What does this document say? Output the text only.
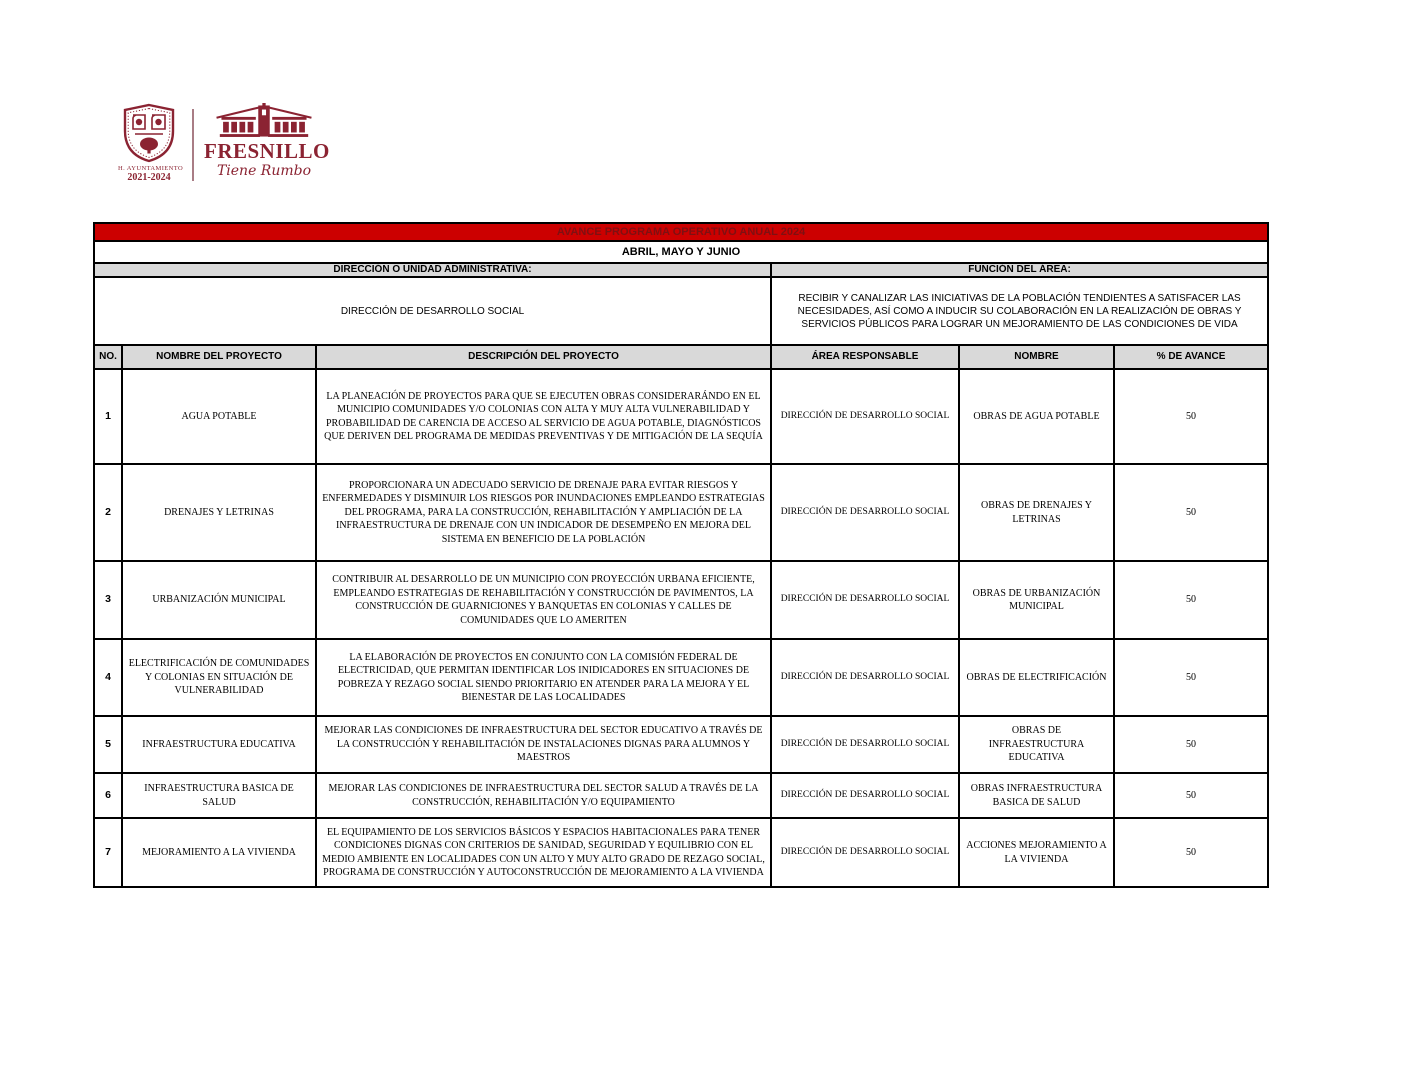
H. AYUNTAMIENTO
2021-2024
FRESNILLO
Tiene Rumbo
AVANCE PROGRAMA OPERATIVO ANUAL 2024					
ABRIL, MAYO Y JUNIO					
DIRECCIÓN O UNIDAD ADMINISTRATIVA:			FUNCIÓN DEL ÁREA:		
DIRECCIÓN DE DESARROLLO SOCIAL			RECIBIR Y CANALIZAR LAS INICIATIVAS DE LA POBLACIÓN TENDIENTES A SATISFACER LAS NECESIDADES, ASÍ COMO A INDUCIR SU COLABORACIÓN EN LA REALIZACIÓN DE OBRAS Y SERVICIOS PÚBLICOS PARA LOGRAR UN MEJORAMIENTO DE LAS CONDICIONES DE VIDA		
NO.	NOMBRE DEL PROYECTO	DESCRIPCIÓN DEL PROYECTO	ÁREA RESPONSABLE	NOMBRE	% DE AVANCE
1	AGUA POTABLE	LA PLANEACIÓN DE PROYECTOS PARA QUE SE EJECUTEN OBRAS CONSIDERARÁNDO EN EL MUNICIPIO COMUNIDADES Y/O COLONIAS CON ALTA Y MUY ALTA VULNERABILIDAD Y PROBABILIDAD DE CARENCIA DE ACCESO AL SERVICIO DE AGUA POTABLE, DIAGNÓSTICOS QUE DERIVEN DEL PROGRAMA DE MEDIDAS PREVENTIVAS Y DE MITIGACIÓN DE LA SEQUÍA	DIRECCIÓN DE DESARROLLO SOCIAL	OBRAS DE AGUA POTABLE	50
2	DRENAJES Y LETRINAS	PROPORCIONARA UN ADECUADO SERVICIO DE DRENAJE PARA EVITAR RIESGOS Y ENFERMEDADES Y DISMINUIR LOS RIESGOS POR INUNDACIONES EMPLEANDO ESTRATEGIAS DEL PROGRAMA, PARA LA CONSTRUCCIÓN, REHABILITACIÓN Y AMPLIACIÓN DE LA INFRAESTRUCTURA DE DRENAJE CON UN INDICADOR DE DESEMPEÑO EN MEJORA DEL SISTEMA EN BENEFICIO DE LA POBLACIÓN	DIRECCIÓN DE DESARROLLO SOCIAL	OBRAS DE DRENAJES Y LETRINAS	50
3	URBANIZACIÓN MUNICIPAL	CONTRIBUIR AL DESARROLLO DE UN MUNICIPIO CON PROYECCIÓN URBANA EFICIENTE, EMPLEANDO ESTRATEGIAS DE REHABILITACIÓN Y CONSTRUCCIÓN DE PAVIMENTOS, LA CONSTRUCCIÓN DE GUARNICIONES Y BANQUETAS EN COLONIAS Y CALLES DE COMUNIDADES QUE LO AMERITEN	DIRECCIÓN DE DESARROLLO SOCIAL	OBRAS DE URBANIZACIÓN MUNICIPAL	50
4	ELECTRIFICACIÓN DE COMUNIDADES Y COLONIAS EN SITUACIÓN DE VULNERABILIDAD	LA ELABORACIÓN DE PROYECTOS EN CONJUNTO CON LA COMISIÓN FEDERAL DE ELECTRICIDAD, QUE PERMITAN IDENTIFICAR LOS INIDICADORES EN SITUACIONES DE POBREZA Y REZAGO SOCIAL SIENDO PRIORITARIO EN ATENDER PARA LA MEJORA Y EL BIENESTAR DE LAS LOCALIDADES	DIRECCIÓN DE DESARROLLO SOCIAL	OBRAS DE ELECTRIFICACIÓN	50
5	INFRAESTRUCTURA EDUCATIVA	MEJORAR LAS CONDICIONES DE INFRAESTRUCTURA DEL SECTOR EDUCATIVO A TRAVÉS DE LA CONSTRUCCIÓN Y REHABILITACIÓN DE INSTALACIONES DIGNAS PARA ALUMNOS Y MAESTROS	DIRECCIÓN DE DESARROLLO SOCIAL	OBRAS DE INFRAESTRUCTURA EDUCATIVA	50
6	INFRAESTRUCTURA BASICA DE SALUD	MEJORAR LAS CONDICIONES DE INFRAESTRUCTURA DEL SECTOR SALUD A TRAVÉS DE LA CONSTRUCCIÓN, REHABILITACIÓN Y/O EQUIPAMIENTO	DIRECCIÓN DE DESARROLLO SOCIAL	OBRAS INFRAESTRUCTURA BASICA DE SALUD	50
7	MEJORAMIENTO A LA VIVIENDA	EL EQUIPAMIENTO DE LOS SERVICIOS BÁSICOS Y ESPACIOS HABITACIONALES PARA TENER CONDICIONES DIGNAS CON CRITERIOS DE SANIDAD, SEGURIDAD Y EQUILIBRIO CON EL MEDIO AMBIENTE EN LOCALIDADES CON UN ALTO Y MUY ALTO GRADO DE REZAGO SOCIAL, PROGRAMA DE CONSTRUCCIÓN Y AUTOCONSTRUCCIÓN DE MEJORAMIENTO A LA VIVIENDA	DIRECCIÓN DE DESARROLLO SOCIAL	ACCIONES MEJORAMIENTO A LA VIVIENDA	50
